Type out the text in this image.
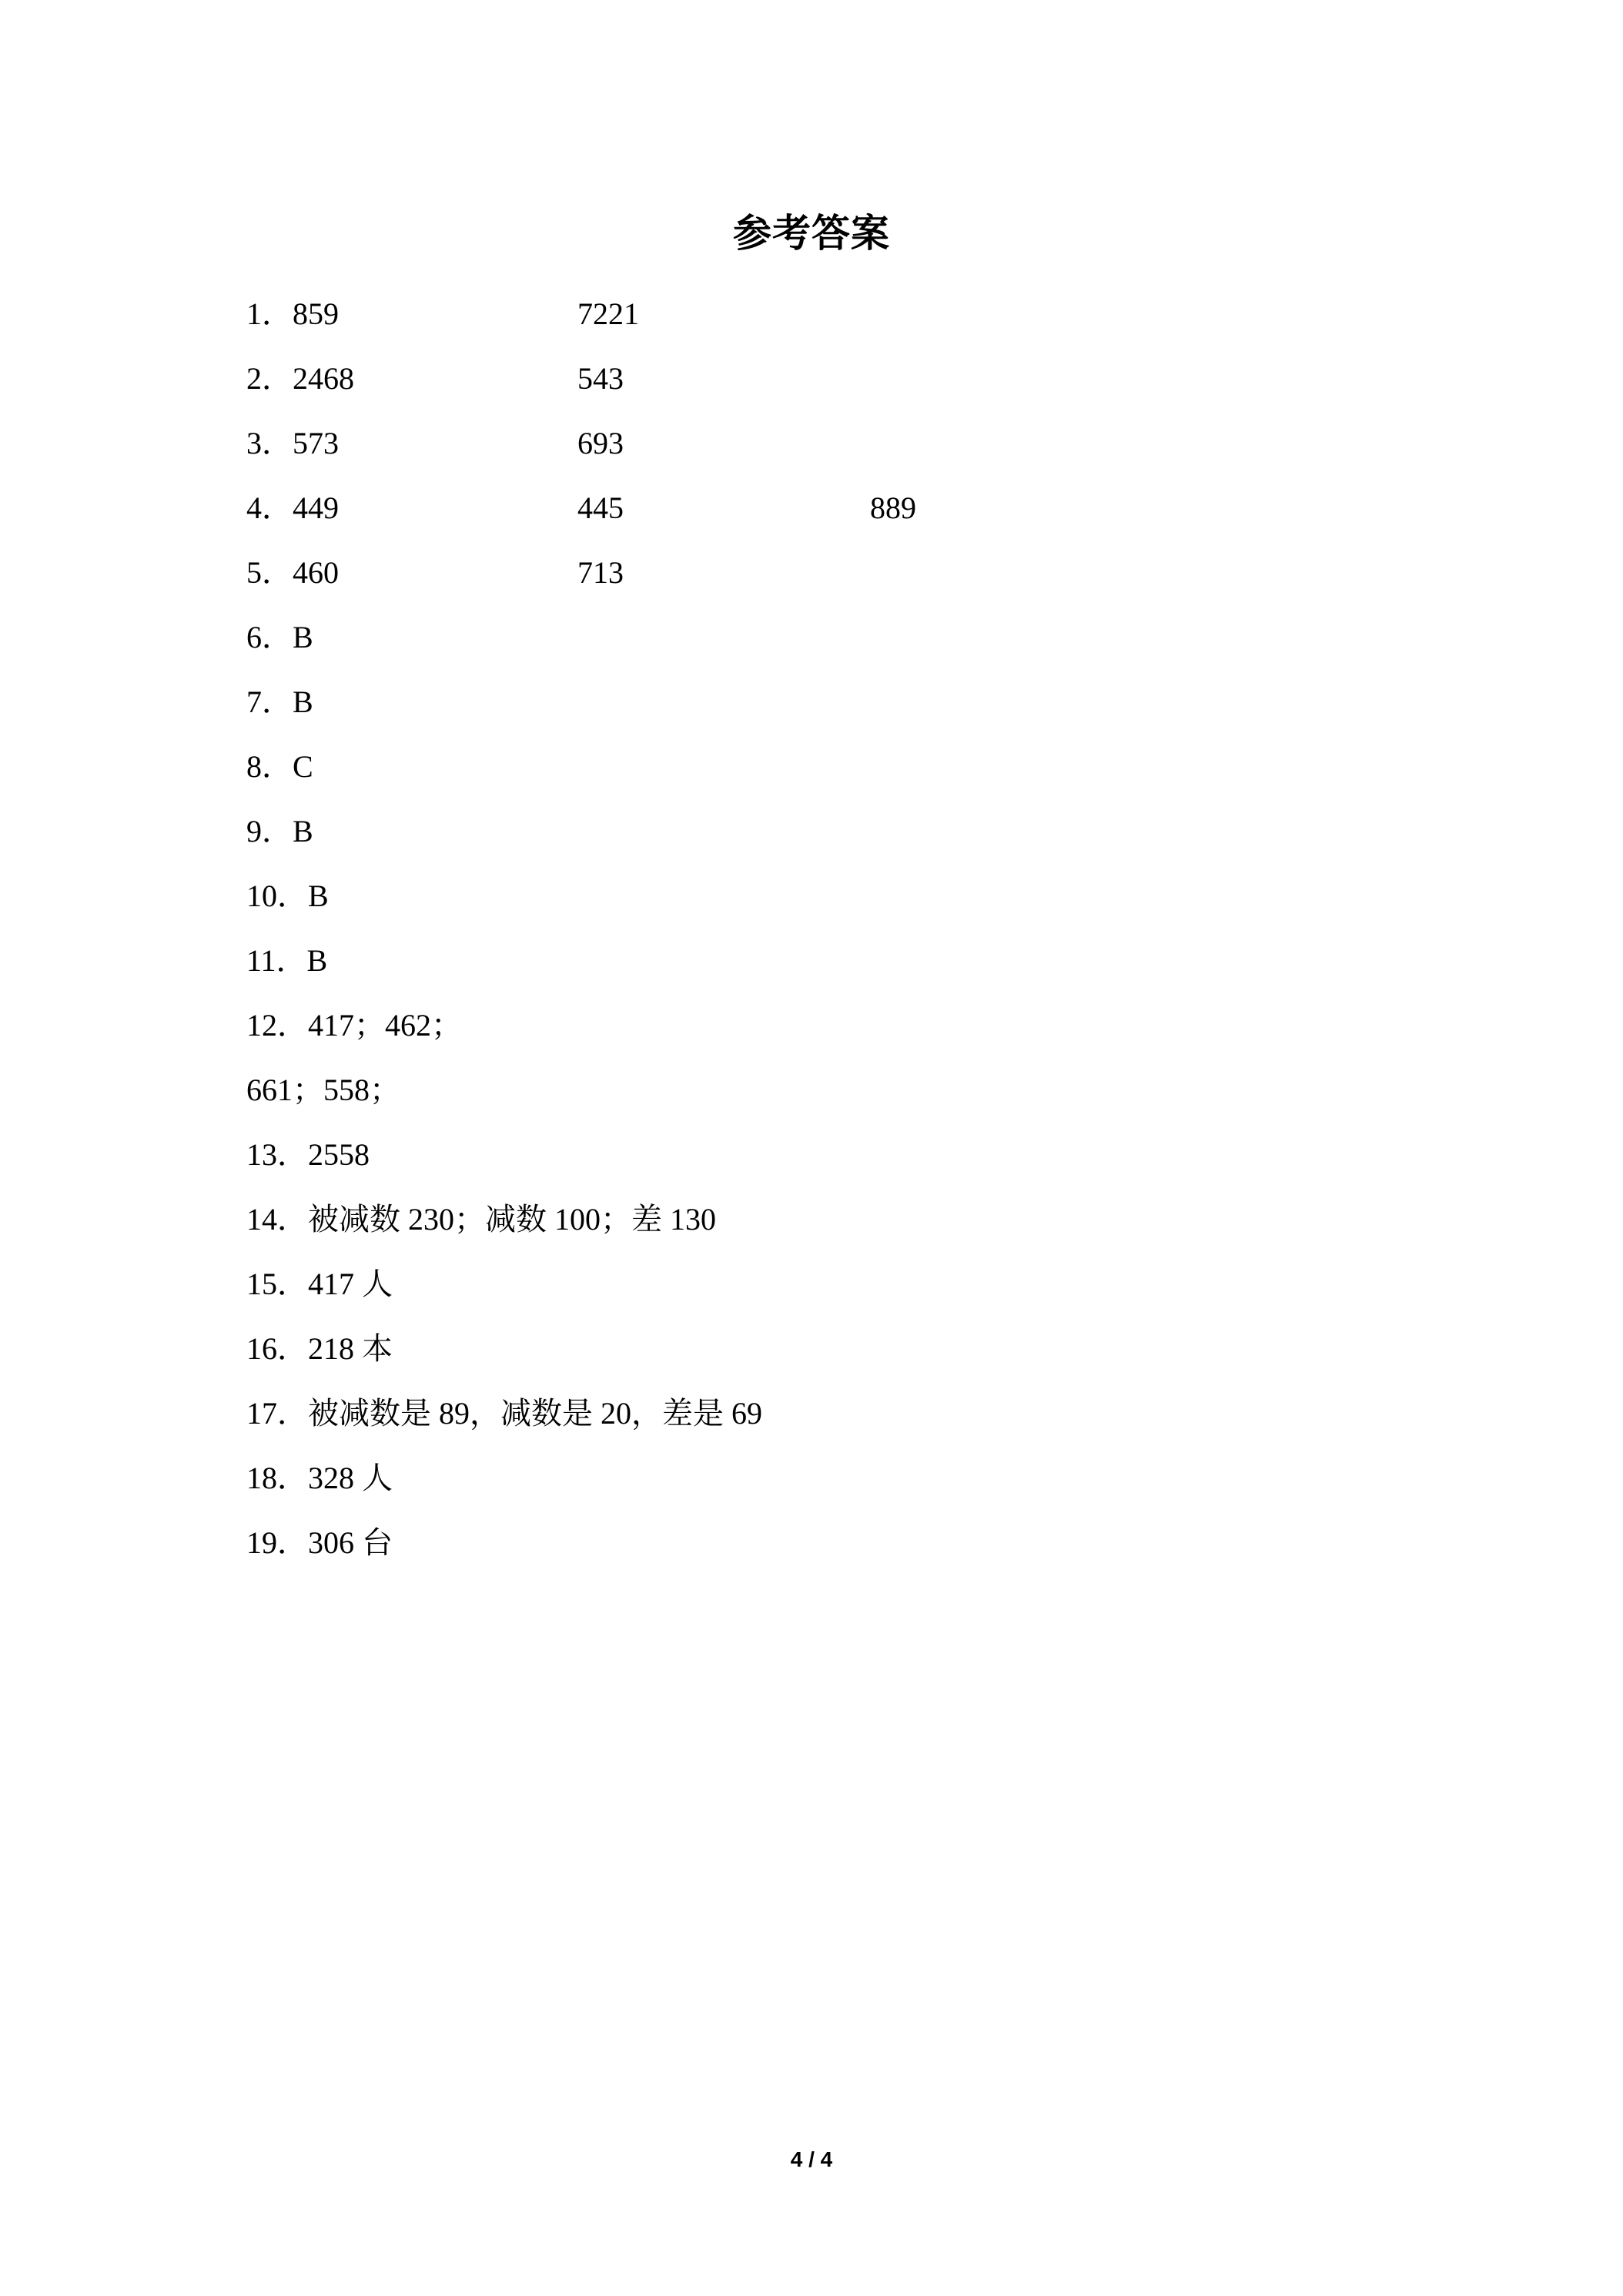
参考答案
1．859	7221
2．2468	543
3．573	693
4．449	445	889
5．460	713
6．B
7．B
8．C
9．B
10．B
11．B
12．417；462；
661；558；
13．2558
14．被减数 230；减数 100；差 130
15．417 人
16．218 本
17．被减数是 89，减数是 20，差是 69
18．328 人
19．306 台
4 / 4
